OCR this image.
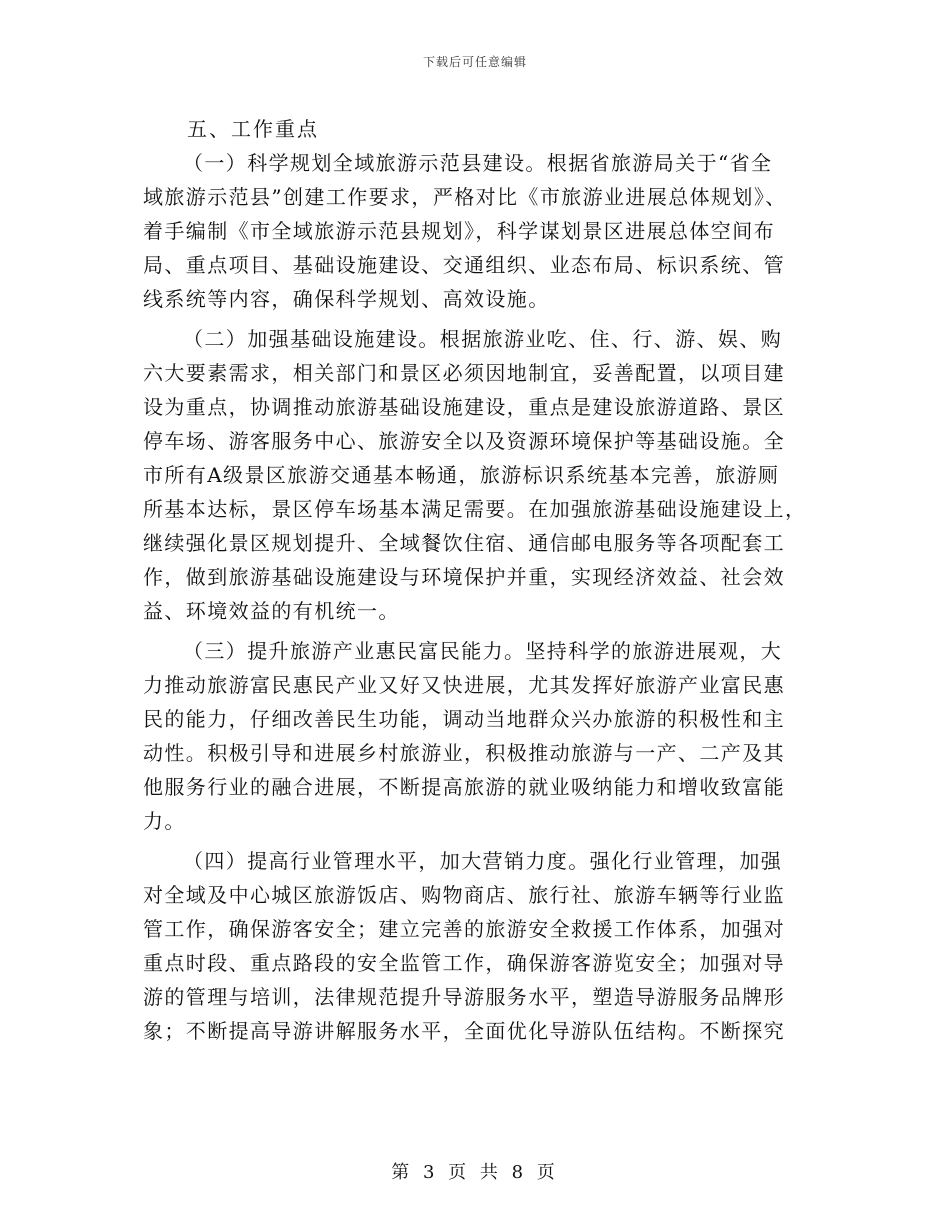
下载后可任意编辑
五、工作重点

（一）科学规划全域旅游示范县建设。根据省旅游局关于“省全
域旅游示范县”创建工作要求，严格对比《市旅游业进展总体规划》、
着手编制《市全域旅游示范县规划》，科学谋划景区进展总体空间布
局、重点项目、基础设施建设、交通组织、业态布局、标识系统、管
线系统等内容，确保科学规划、高效设施。

（二）加强基础设施建设。根据旅游业吃、住、行、游、娱、购
六大要素需求，相关部门和景区必须因地制宜，妥善配置，以项目建
设为重点，协调推动旅游基础设施建设，重点是建设旅游道路、景区
停车场、游客服务中心、旅游安全以及资源环境保护等基础设施。全
市所有A级景区旅游交通基本畅通，旅游标识系统基本完善，旅游厕
所基本达标，景区停车场基本满足需要。在加强旅游基础设施建设上，
继续强化景区规划提升、全域餐饮住宿、通信邮电服务等各项配套工
作，做到旅游基础设施建设与环境保护并重，实现经济效益、社会效
益、环境效益的有机统一。

（三）提升旅游产业惠民富民能力。坚持科学的旅游进展观，大
力推动旅游富民惠民产业又好又快进展，尤其发挥好旅游产业富民惠
民的能力，仔细改善民生功能，调动当地群众兴办旅游的积极性和主
动性。积极引导和进展乡村旅游业，积极推动旅游与一产、二产及其
他服务行业的融合进展，不断提高旅游的就业吸纳能力和增收致富能
力。

（四）提高行业管理水平，加大营销力度。强化行业管理，加强
对全域及中心城区旅游饭店、购物商店、旅行社、旅游车辆等行业监
管工作，确保游客安全；建立完善的旅游安全救援工作体系，加强对
重点时段、重点路段的安全监管工作，确保游客游览安全；加强对导
游的管理与培训，法律规范提升导游服务水平，塑造导游服务品牌形
象；不断提高导游讲解服务水平，全面优化导游队伍结构。不断探究

第 3 页 共 8 页
